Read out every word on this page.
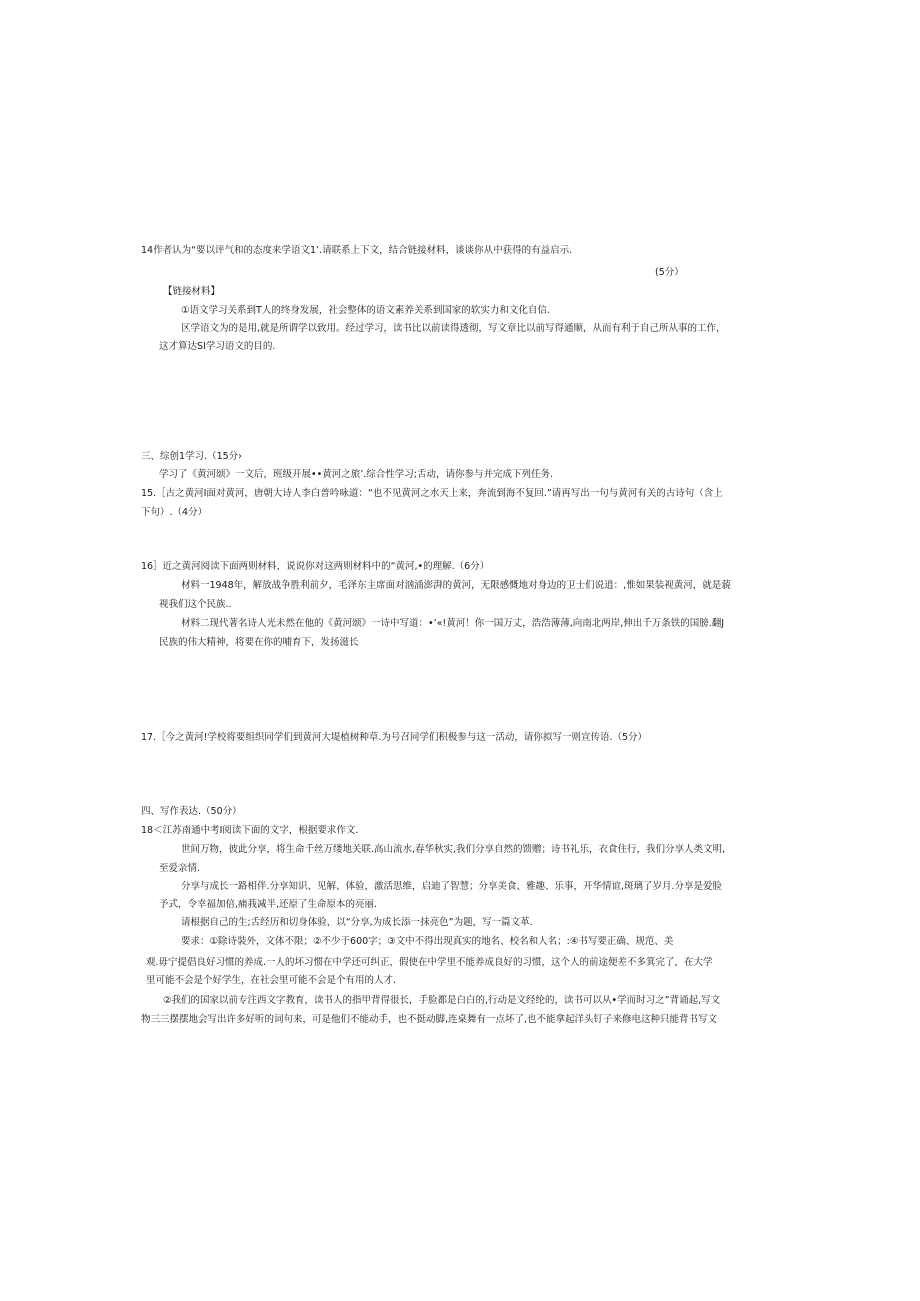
14作者认为“要以评气和的态度来学语文1’.请联系上下文，结合链接材料，谈谈你从中获得的有益启示.
(5分）
【链接材料】
①语文学习关系到T人的终身发展，社会整体的语文素养关系到国家的软实力和文化自信.
区学语文为的是用,就是所谓学以致用。经过学习，读书比以前读得透彻，写文章比以前写得通顺，从而有利于自己所从事的工作，
这才算达SI学习语文的目的.
三、综创1学习.（15分›
学习了《黄河颂》一文后，班级开展••黄河之旅’.综合性学习;舌动，请你参与并完成下列任务.
15.［古之黄河I面对黄河，唐朝大诗人李白普吟咏道：“也不见黄河之水天上来，奔流到海不复回.”请再写出一句与黄河有关的古诗句（含上
下句）.（4分）
16］近之黄河阅读下面两则材料，说说你对这两则材料中的“黄河,•的理解.（6分）
材料一1948年，解放战争胜利前夕，毛泽东主席面对汹涌澎湃的黄河，无限感慨地对身边的卫士们说逍：,惟如果装视黄河，就是藐
视我们这个民族..
材料二现代著名诗人光未然在他的《黄河颂》一诗中写道：•’«!黄河！你一国万丈，浩浩薄薄,向南北两岸,伸出千万条铁的国膀.翻J
民族的伟大精神，将要在你的哺育下，发扬滋长
17.［今之黄河!学校将要组织同学们到黄河大堤植树种草.为号召同学们积极参与这一活动，请你拟写一则宣传语.（5分）
四、写作表达.（50分）
18＜江苏南通中考I阅读下面的文字，根据要求作文.
世间万物，彼此分享，将生命千丝万缕地关联.高山流水,春华秋实,我们分享自然的馈赠；诗书礼乐，衣食住行，我们分享人类文明,
至爱亲情.
分享与成长一路相伴.分享知识、见解、体验，激活思维，启迪了智慧；分享美食、雅趣、乐事，开华情谊,斑璃了岁月.分享是爱脸
予式，令幸福加倍,痛莪减半,还原了生命原本的亮丽.
请根据自己的生;舌经历和切身体验，以“分享,为成长添一抹亮色”为题，写一篇文革.
要求：①除诗裝外，文体不限；②不少于600字；③文中不得出现真实的地名、校名和人名；:④书写要正确、规范、美
观.毋宁提倡良好习惯的养成.一人的坏习惯在中学还可纠正，假使在中学里不能养成良好的习惯，这个人的前途便差不多箕完了，在大学
里可能不会是个好学生，在社会里可能不会是个有用的人才.
②我们的国家以前专注西文字教育，读书人的指甲背得很长，手脸都是白白的,行动是文经纶的，读书可以从•学而时习之”背诵起,写文
物三三摆摆地会写出许多好听的词句来，可是他们不能动手，也不挺动脚,连桌舞有一点坏了,也不能拿起洋头钉子来修电这种只能背书写文
